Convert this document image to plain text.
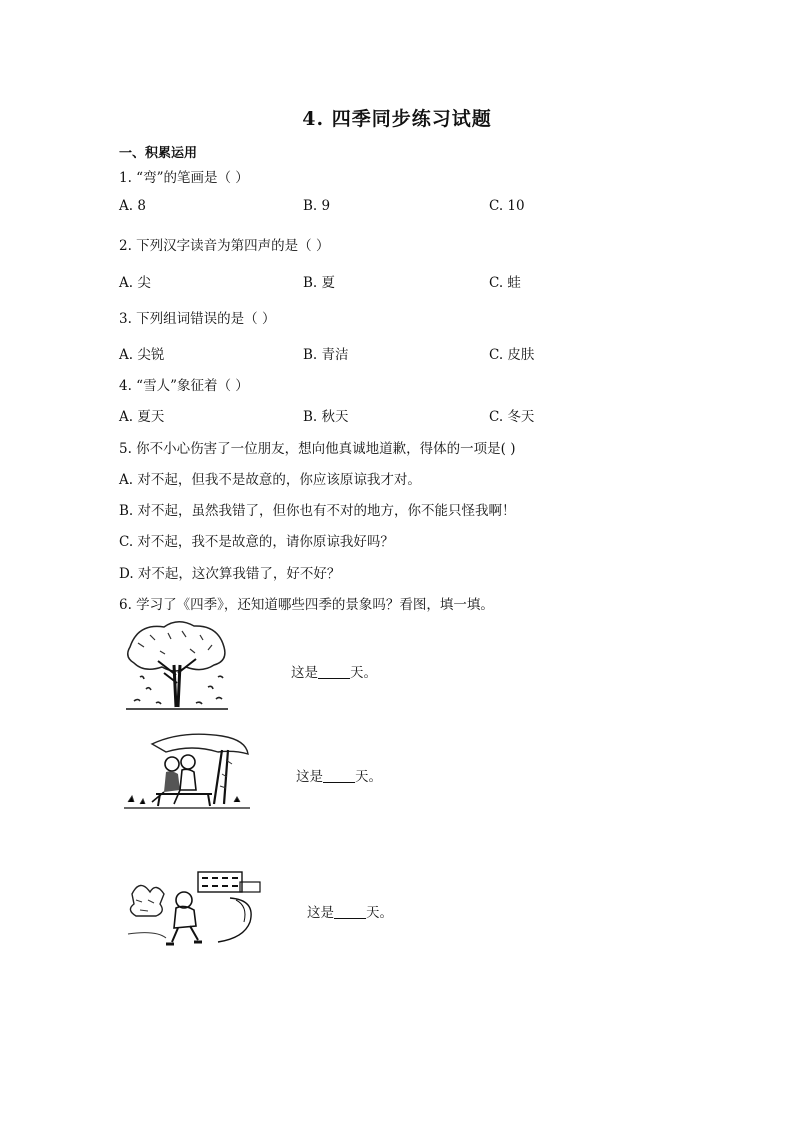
4. 四季同步练习试题
一、积累运用
1. “弯”的笔画是（ ）
A. 8	B. 9	C. 10
2. 下列汉字读音为第四声的是（ ）
A. 尖	B. 夏	C. 蛙
3. 下列组词错误的是（ ）
A. 尖锐	B. 青洁	C. 皮肤
4. “雪人”象征着（ ）
A. 夏天	B. 秋天	C. 冬天
5. 你不小心伤害了一位朋友，想向他真诚地道歉，得体的一项是( )
A. 对不起，但我不是故意的，你应该原谅我才对。
B. 对不起，虽然我错了，但你也有不对的地方，你不能只怪我啊！
C. 对不起，我不是故意的，请你原谅我好吗？
D. 对不起，这次算我错了，好不好？
6. 学习了《四季》，还知道哪些四季的景象吗？看图，填一填。
这是 天。
这是 天。
这是 天。
